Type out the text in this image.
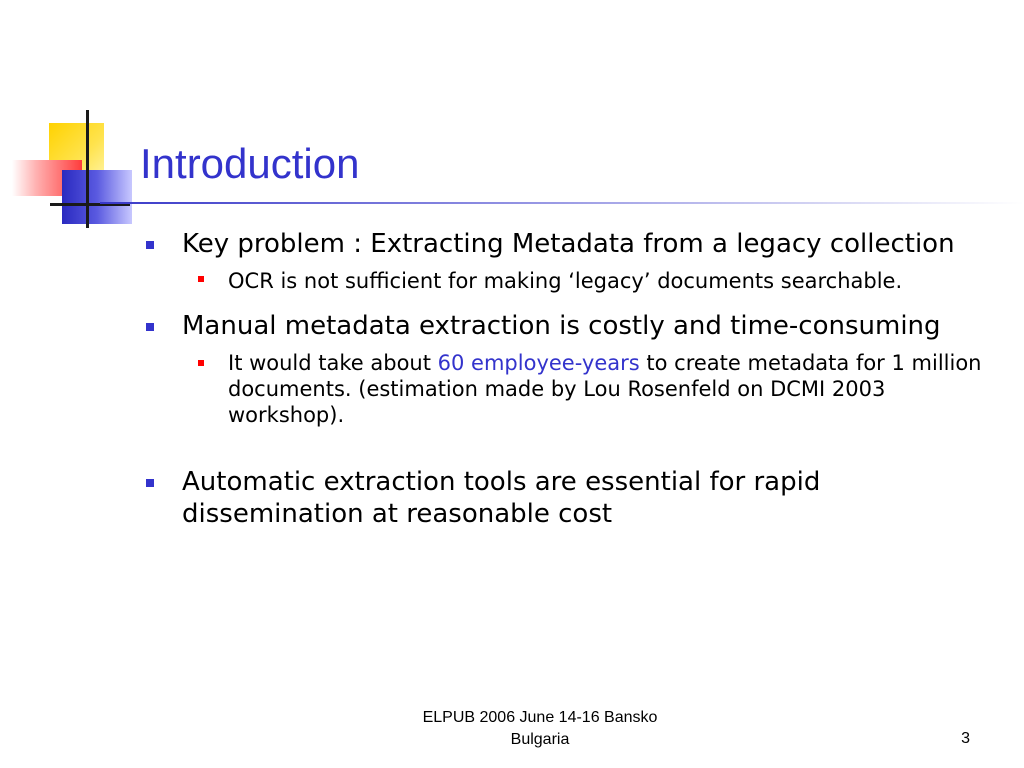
Introduction
Key problem : Extracting Metadata from a legacy collection
OCR is not sufficient for making ‘legacy’ documents searchable.
Manual metadata extraction is costly and time-consuming
It would take about 60 employee-years to create metadata for 1 million documents. (estimation made by Lou Rosenfeld on DCMI 2003 workshop).
Automatic extraction tools are essential for rapid dissemination at reasonable cost
ELPUB 2006 June 14-16 Bansko
Bulgaria	3
